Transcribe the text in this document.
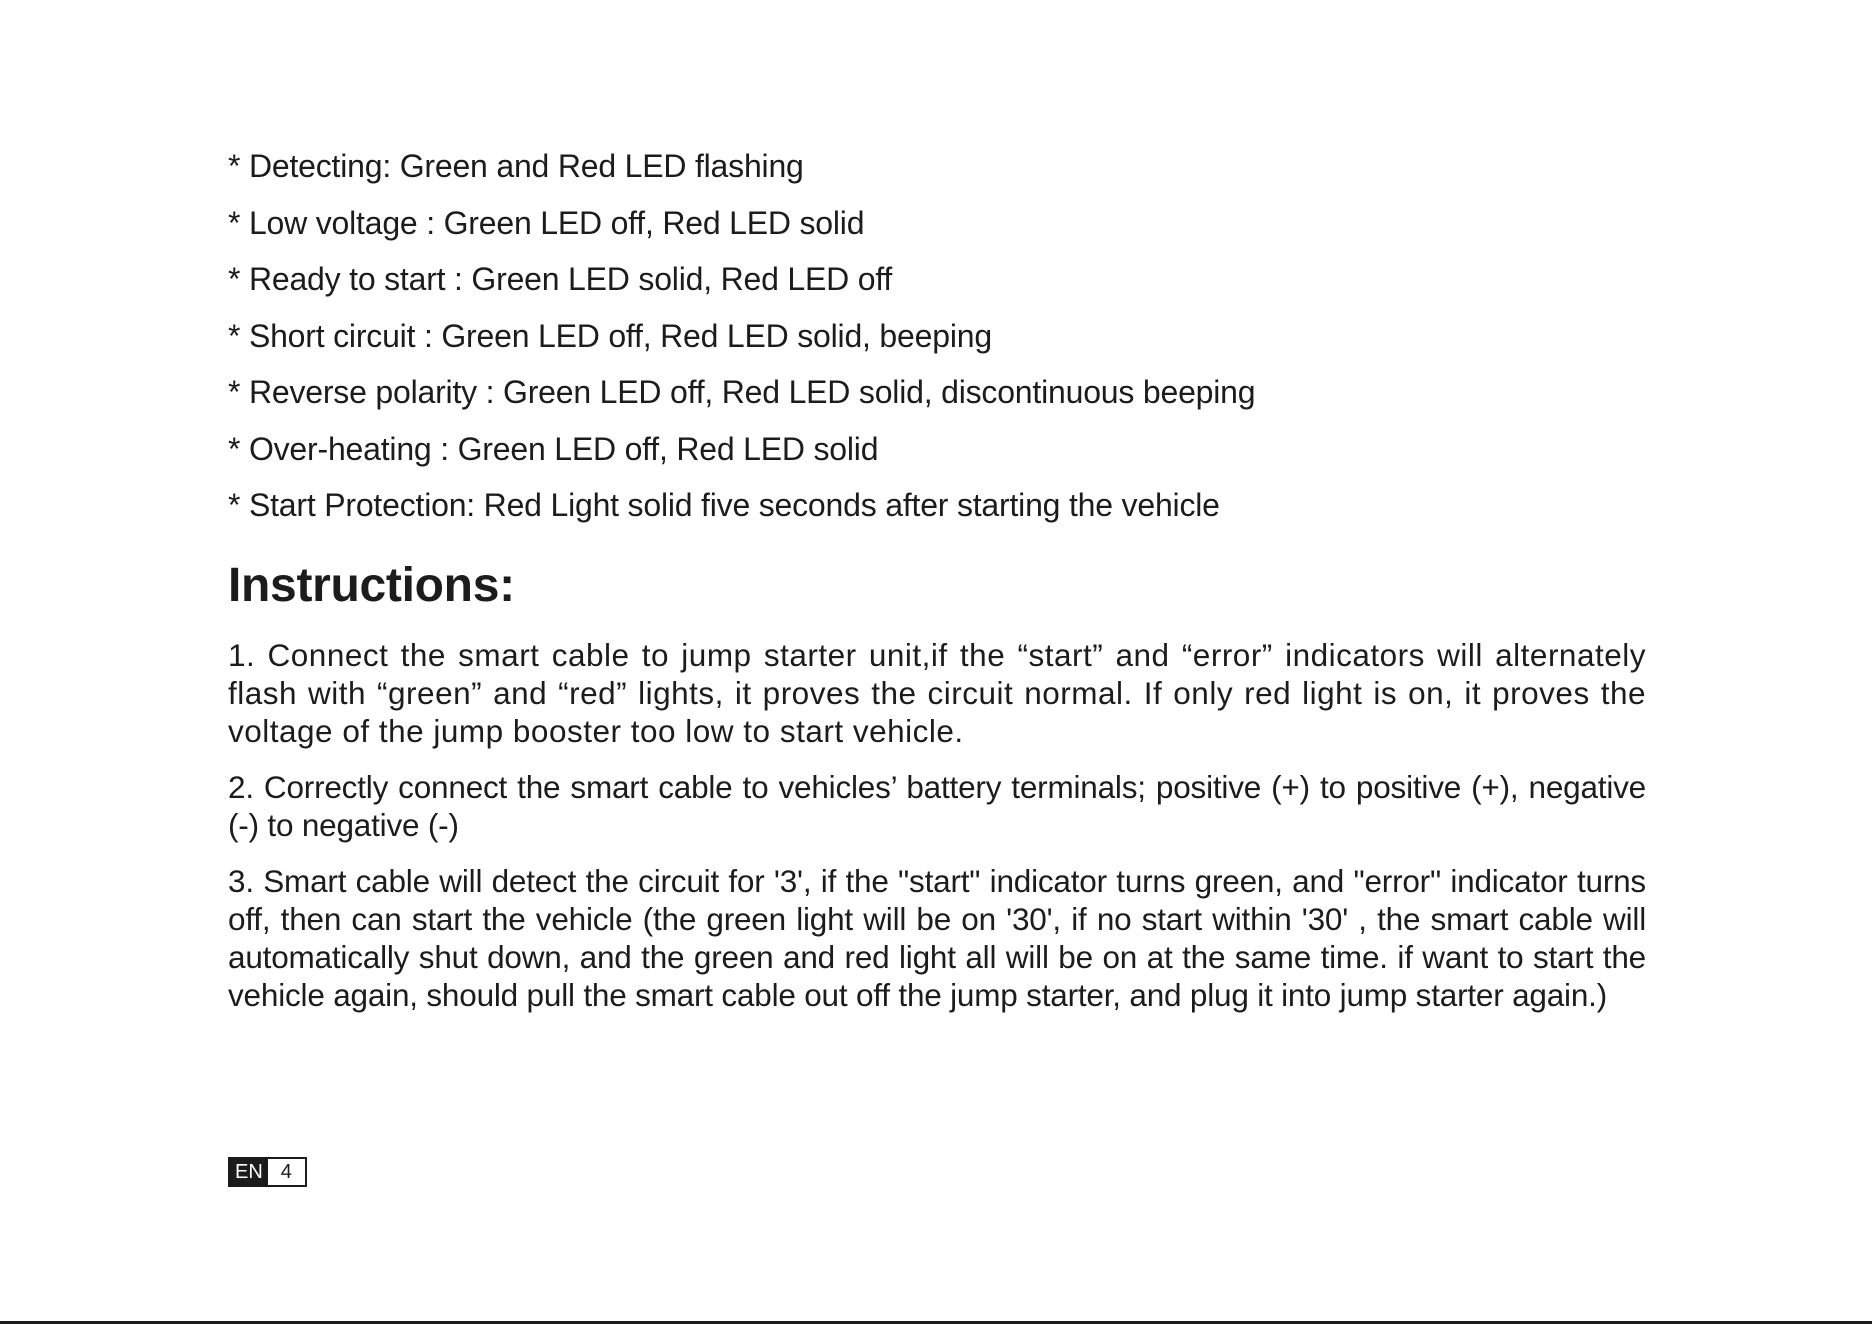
* Detecting: Green and Red LED flashing
* Low voltage : Green LED off, Red LED solid
* Ready to start : Green LED solid, Red LED off
* Short circuit : Green LED off, Red LED solid, beeping
* Reverse polarity : Green LED off, Red LED solid, discontinuous beeping
* Over-heating : Green LED off, Red LED solid
* Start Protection: Red Light solid five seconds after starting the vehicle
Instructions:

1. Connect the smart cable to jump starter unit,if the “start” and “error” indicators will alternately flash with “green” and “red” lights, it proves the circuit normal. If only red light is on, it proves the voltage of the jump booster too low to start vehicle.

2. Correctly connect the smart cable to vehicles’ battery terminals; positive (+) to positive (+), negative (-) to negative (-)

3. Smart cable will detect the circuit for '3', if the "start" indicator turns green, and "error" indicator turns off, then can start the vehicle (the green light will be on '30', if no start within '30' , the smart cable will automatically shut down, and the green and red light all will be on at the same time. if want to start the vehicle again, should pull the smart cable out off the jump starter, and plug it into jump starter again.)

EN 4
